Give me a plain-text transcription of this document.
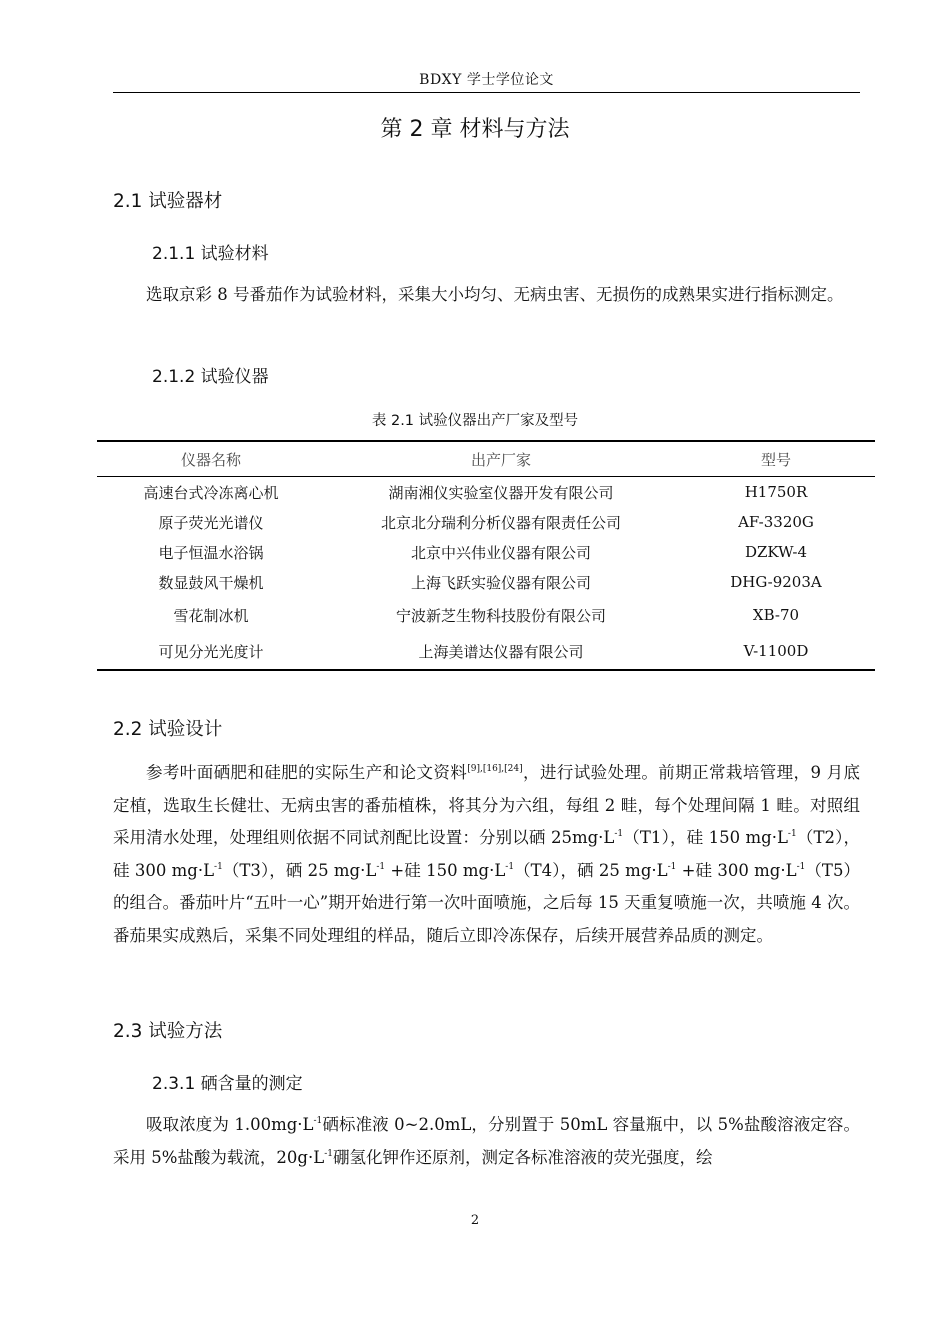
BDXY 学士学位论文
第 2 章 材料与方法
2.1 试验器材
2.1.1 试验材料
选取京彩 8 号番茄作为试验材料，采集大小均匀、无病虫害、无损伤的成熟果实进行指标测定。
2.1.2 试验仪器
表 2.1 试验仪器出产厂家及型号
仪器名称	出产厂家	型号
高速台式冷冻离心机	湖南湘仪实验室仪器开发有限公司	H1750R
原子荧光光谱仪	北京北分瑞利分析仪器有限责任公司	AF-3320G
电子恒温水浴锅	北京中兴伟业仪器有限公司	DZKW-4
数显鼓风干燥机	上海飞跃实验仪器有限公司	DHG-9203A
雪花制冰机	宁波新芝生物科技股份有限公司	XB-70
可见分光光度计	上海美谱达仪器有限公司	V-1100D
2.2 试验设计
参考叶面硒肥和硅肥的实际生产和论文资料[9],[16],[24]，进行试验处理。前期正常栽培管理，9 月底定植，选取生长健壮、无病虫害的番茄植株，将其分为六组，每组 2 畦，每个处理间隔 1 畦。对照组采用清水处理，处理组则依据不同试剂配比设置：分别以硒 $25mg\cdot L^{-1}(T1)$，硅 150 $mg\cdot L^{-1}(T2)$，硅 300 $mg\cdot L^{-1}(T3)$，硒 25 $mg\cdot L^{-1}$ +硅 150 $mg\cdot L^{-1}(T4)$，硒 25 $mg\cdot L^{-1}$ +硅 300 $mg\cdot L^{-1}(T5)$的组合。番茄叶片“五叶一心”期开始进行第一次叶面喷施，之后每 15 天重复喷施一次，共喷施 4 次。番茄果实成熟后，采集不同处理组的样品，随后立即冷冻保存，后续开展营养品质的测定。
2.3 试验方法
2.3.1 硒含量的测定
吸取浓度为 $1.00mg\cdot L^{-1}$硒标准液 0~2.0mL，分别置于 50mL 容量瓶中，以 5%盐酸溶液定容。采用 5%盐酸为载流，$20g\cdot L^{-1}$硼氢化钾作还原剂，测定各标准溶液的荧光强度，绘
2
